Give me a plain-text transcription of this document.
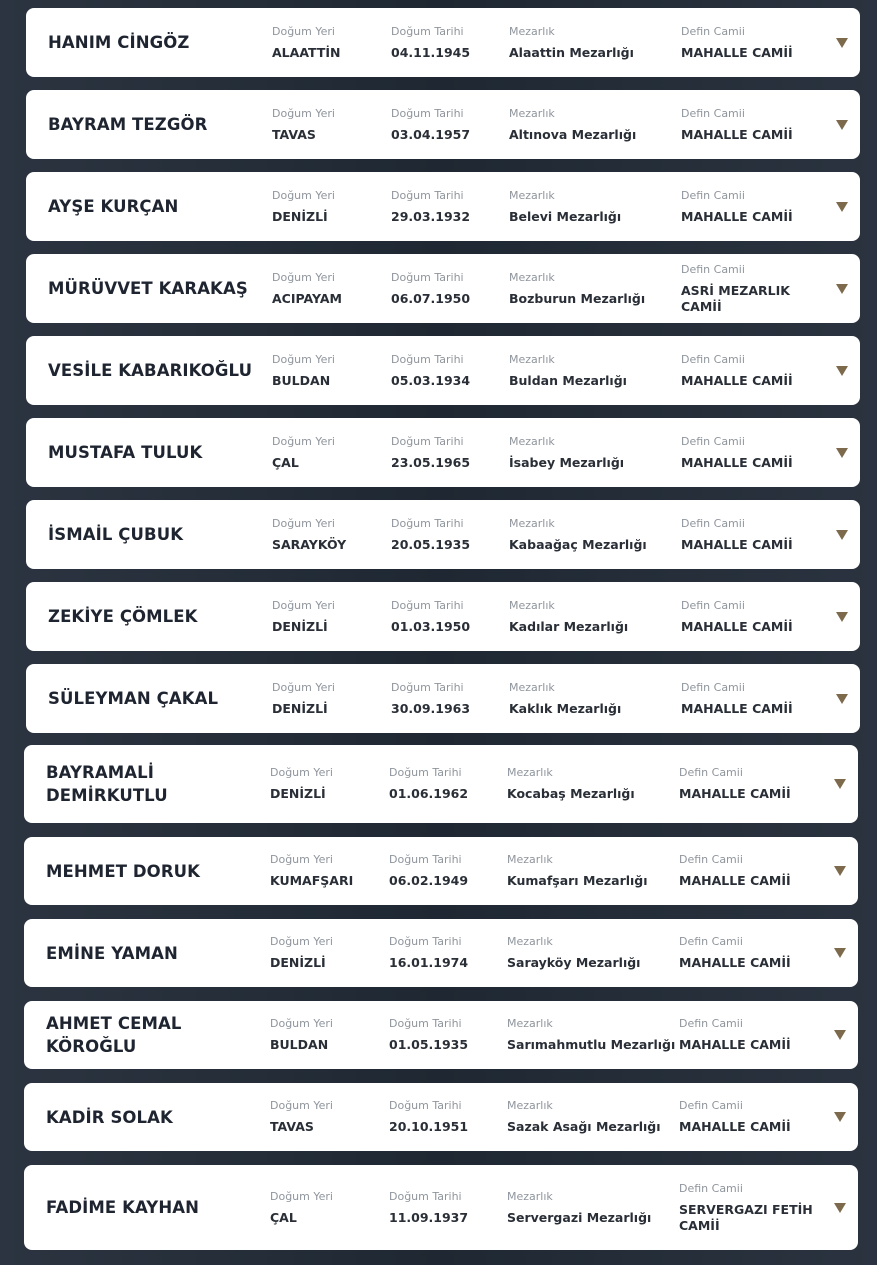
HANIM CİNGÖZ
Doğum Yeri
ALAATTİN
Doğum Tarihi
04.11.1945
Mezarlık
Alaattin Mezarlığı
Defin Camii
MAHALLE CAMİİ
BAYRAM TEZGÖR
Doğum Yeri
TAVAS
Doğum Tarihi
03.04.1957
Mezarlık
Altınova Mezarlığı
Defin Camii
MAHALLE CAMİİ
AYŞE KURÇAN
Doğum Yeri
DENİZLİ
Doğum Tarihi
29.03.1932
Mezarlık
Belevi Mezarlığı
Defin Camii
MAHALLE CAMİİ
MÜRÜVVET KARAKAŞ
Doğum Yeri
ACIPAYAM
Doğum Tarihi
06.07.1950
Mezarlık
Bozburun Mezarlığı
Defin Camii
ASRİ MEZARLIK CAMİİ
VESİLE KABARIKOĞLU
Doğum Yeri
BULDAN
Doğum Tarihi
05.03.1934
Mezarlık
Buldan Mezarlığı
Defin Camii
MAHALLE CAMİİ
MUSTAFA TULUK
Doğum Yeri
ÇAL
Doğum Tarihi
23.05.1965
Mezarlık
İsabey Mezarlığı
Defin Camii
MAHALLE CAMİİ
İSMAİL ÇUBUK
Doğum Yeri
SARAYKÖY
Doğum Tarihi
20.05.1935
Mezarlık
Kabaağaç Mezarlığı
Defin Camii
MAHALLE CAMİİ
ZEKİYE ÇÖMLEK
Doğum Yeri
DENİZLİ
Doğum Tarihi
01.03.1950
Mezarlık
Kadılar Mezarlığı
Defin Camii
MAHALLE CAMİİ
SÜLEYMAN ÇAKAL
Doğum Yeri
DENİZLİ
Doğum Tarihi
30.09.1963
Mezarlık
Kaklık Mezarlığı
Defin Camii
MAHALLE CAMİİ
BAYRAMALİ DEMİRKUTLU
Doğum Yeri
DENİZLİ
Doğum Tarihi
01.06.1962
Mezarlık
Kocabaş Mezarlığı
Defin Camii
MAHALLE CAMİİ
MEHMET DORUK
Doğum Yeri
KUMAFŞARI
Doğum Tarihi
06.02.1949
Mezarlık
Kumafşarı Mezarlığı
Defin Camii
MAHALLE CAMİİ
EMİNE YAMAN
Doğum Yeri
DENİZLİ
Doğum Tarihi
16.01.1974
Mezarlık
Sarayköy Mezarlığı
Defin Camii
MAHALLE CAMİİ
AHMET CEMAL KÖROĞLU
Doğum Yeri
BULDAN
Doğum Tarihi
01.05.1935
Mezarlık
Sarımahmutlu Mezarlığı
Defin Camii
MAHALLE CAMİİ
KADİR SOLAK
Doğum Yeri
TAVAS
Doğum Tarihi
20.10.1951
Mezarlık
Sazak Asağı Mezarlığı
Defin Camii
MAHALLE CAMİİ
FADİME KAYHAN
Doğum Yeri
ÇAL
Doğum Tarihi
11.09.1937
Mezarlık
Servergazi Mezarlığı
Defin Camii
SERVERGAZI FETİH CAMİİ
